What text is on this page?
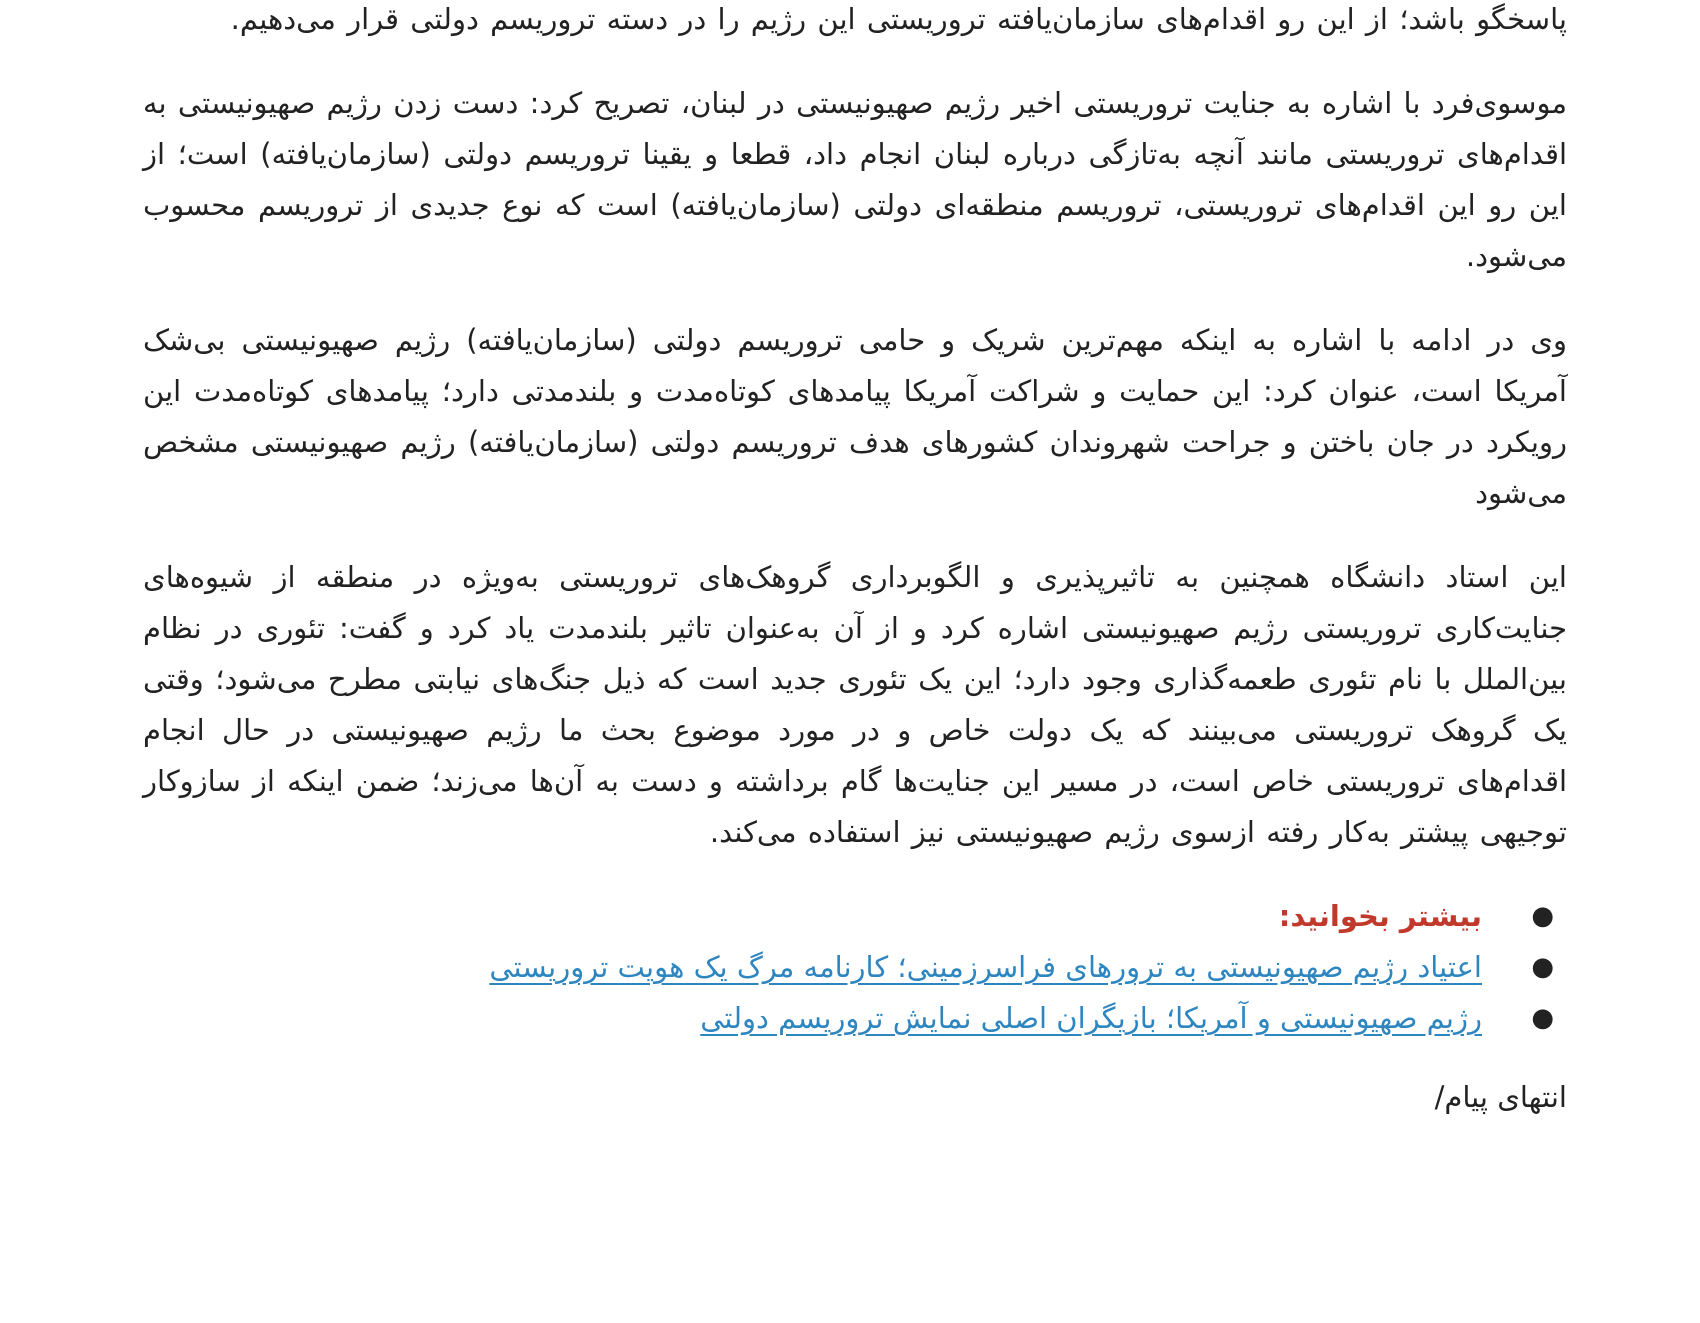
پاسخگو باشد؛ از این رو اقدام‌های سازمان‌یافته تروریستی این رژیم را در دسته تروریسم دولتی قرار می‌دهیم.

موسوی‌فرد با اشاره به جنایت تروریستی اخیر رژیم صهیونیستی در لبنان، تصریح کرد: دست زدن رژیم صهیونیستی به اقدام‌های تروریستی مانند آنچه به‌تازگی درباره لبنان انجام داد، قطعا و یقینا تروریسم دولتی (سازمان‌یافته) است؛ از این رو این اقدام‌های تروریستی، تروریسم منطقه‌ای دولتی (سازمان‌یافته) است که نوع جدیدی از تروریسم محسوب می‌شود.

وی در ادامه با اشاره به اینکه مهم‌ترین شریک و حامی تروریسم دولتی (سازمان‌یافته) رژیم صهیونیستی بی‌شک آمریکا است، عنوان کرد: این حمایت و شراکت آمریکا پیامدهای کوتاه‌مدت و بلندمدتی دارد؛ پیامدهای کوتاه‌مدت این رویکرد در جان باختن و جراحت شهروندان کشورهای هدف تروریسم دولتی (سازمان‌یافته) رژیم صهیونیستی مشخص می‌شود

این استاد دانشگاه همچنین به تاثیرپذیری و الگوبرداری گروهک‌های تروریستی به‌ویژه در منطقه از شیوه‌های جنایت‌کاری تروریستی رژیم صهیونیستی اشاره کرد و از آن به‌عنوان تاثیر بلندمدت یاد کرد و گفت: تئوری در نظام بین‌الملل با نام تئوری طعمه‌گذاری وجود دارد؛ این یک تئوری جدید است که ذیل جنگ‌های نیابتی مطرح می‌شود؛ وقتی یک گروهک تروریستی می‌بینند که یک دولت خاص و در مورد موضوع بحث ما رژیم صهیونیستی در حال انجام اقدام‌های تروریستی خاص است، در مسیر این جنایت‌ها گام برداشته و دست به آن‌ها می‌زند؛ ضمن اینکه از سازوکار توجیهی پیشتر به‌کار رفته ازسوی رژیم صهیونیستی نیز استفاده می‌کند.

●
بیشتر بخوانید:
●
اعتیاد رژیم صهیونیستی به ترورهای فراسرزمینی؛ کارنامه مرگ یک هویت تروریستی
●
رژیم صهیونیستی و آمریکا؛ بازیگران اصلی نمایش تروریسم دولتی

انتهای پیام/
